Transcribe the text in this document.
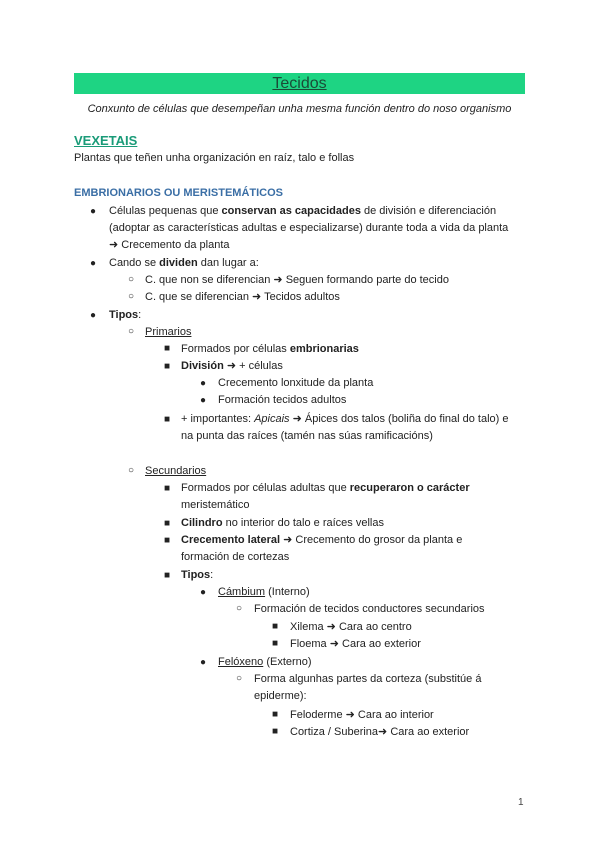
Tecidos
Conxunto de células que desempeñan unha mesma función dentro do noso organismo
VEXETAIS
Plantas que teñen unha organización en raíz, talo e follas
EMBRIONARIOS OU MERISTEMÁTICOS
● Células pequenas que conservan as capacidades de división e diferenciación
(adoptar as características adultas e especializarse) durante toda a vida da planta
➜ Crecemento da planta
● Cando se dividen dan lugar a:
○ C. que non se diferencian ➜ Seguen formando parte do tecido
○ C. que se diferencian ➜ Tecidos adultos
● Tipos:
○ Primarios
■ Formados por células embrionarias
■ División ➜ + células
● Crecemento lonxitude da planta
● Formación tecidos adultos
■ + importantes: Apicais ➜ Ápices dos talos (boliña do final do talo) e
na punta das raíces (tamén nas súas ramificacións)
○ Secundarios
■ Formados por células adultas que recuperaron o carácter
meristemático
■ Cilindro no interior do talo e raíces vellas
■ Crecemento lateral ➜ Crecemento do grosor da planta e
formación de cortezas
■ Tipos:
● Cámbium (Interno)
○ Formación de tecidos conductores secundarios
■ Xilema ➜ Cara ao centro
■ Floema ➜ Cara ao exterior
● Felóxeno (Externo)
○ Forma algunhas partes da corteza (substitúe á
epiderme):
■ Feloderme ➜ Cara ao interior
■ Cortiza / Suberina➜ Cara ao exterior
1
